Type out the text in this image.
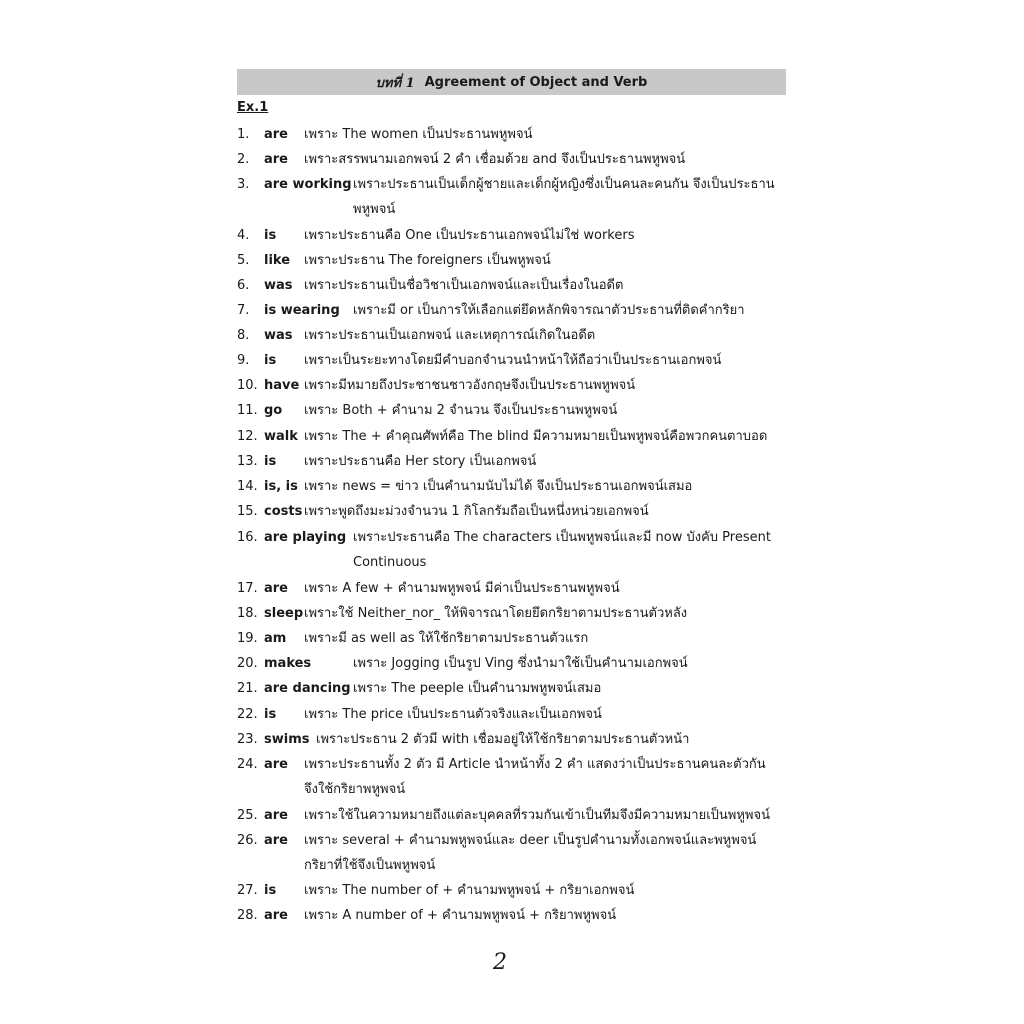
บทที่ 1 Agreement of Object and Verb
Ex.1
1. are เพราะ The women เป็นประธานพหูพจน์
2. are เพราะสรรพนามเอกพจน์ 2 คำ เชื่อมด้วย and จึงเป็นประธานพหูพจน์
3. are working เพราะประธานเป็นเด็กผู้ชายและเด็กผู้หญิงซึ่งเป็นคนละคนกัน จึงเป็นประธาน
พหูพจน์
4. is เพราะประธานคือ One เป็นประธานเอกพจน์ไม่ใช่ workers
5. like เพราะประธาน The foreigners เป็นพหูพจน์
6. was เพราะประธานเป็นชื่อวิชาเป็นเอกพจน์และเป็นเรื่องในอดีต
7. is wearing เพราะมี or เป็นการให้เลือกแต่ยึดหลักพิจารณาตัวประธานที่ติดคำกริยา
8. was เพราะประธานเป็นเอกพจน์ และเหตุการณ์เกิดในอดีต
9. is เพราะเป็นระยะทางโดยมีคำบอกจำนวนนำหน้าให้ถือว่าเป็นประธานเอกพจน์
10. have เพราะมีหมายถึงประชาชนชาวอังกฤษจึงเป็นประธานพหูพจน์
11. go เพราะ Both + คำนาม 2 จำนวน จึงเป็นประธานพหูพจน์
12. walk เพราะ The + คำคุณศัพท์คือ The blind มีความหมายเป็นพหูพจน์คือพวกคนตาบอด
13. is เพราะประธานคือ Her story เป็นเอกพจน์
14. is, is เพราะ news = ข่าว เป็นคำนามนับไม่ได้ จึงเป็นประธานเอกพจน์เสมอ
15. costs เพราะพูดถึงมะม่วงจำนวน 1 กิโลกรัมถือเป็นหนึ่งหน่วยเอกพจน์
16. are playing เพราะประธานคือ The characters เป็นพหูพจน์และมี now บังคับ Present
Continuous
17. are เพราะ A few + คำนามพหูพจน์ มีค่าเป็นประธานพหูพจน์
18. sleep เพราะใช้ Neither_nor_ ให้พิจารณาโดยยึดกริยาตามประธานตัวหลัง
19. am เพราะมี as well as ให้ใช้กริยาตามประธานตัวแรก
20. makes	เพราะ Jogging เป็นรูป Ving ซึ่งนำมาใช้เป็นคำนามเอกพจน์
21. are dancing เพราะ The peeple เป็นคำนามพหูพจน์เสมอ
22. is เพราะ The price เป็นประธานตัวจริงและเป็นเอกพจน์
23. swims เพราะประธาน 2 ตัวมี with เชื่อมอยู่ให้ใช้กริยาตามประธานตัวหน้า
24. are เพราะประธานทั้ง 2 ตัว มี Article นำหน้าทั้ง 2 คำ แสดงว่าเป็นประธานคนละตัวกัน
จึงใช้กริยาพหูพจน์
25. are เพราะใช้ในความหมายถึงแต่ละบุคคลที่รวมกันเข้าเป็นทีมจึงมีความหมายเป็นพหูพจน์
26. are เพราะ several + คำนามพหูพจน์และ deer เป็นรูปคำนามทั้งเอกพจน์และพหูพจน์
กริยาที่ใช้จึงเป็นพหูพจน์
27. is เพราะ The number of + คำนามพหูพจน์ + กริยาเอกพจน์
28. are เพราะ A number of + คำนามพหูพจน์ + กริยาพหูพจน์
2
